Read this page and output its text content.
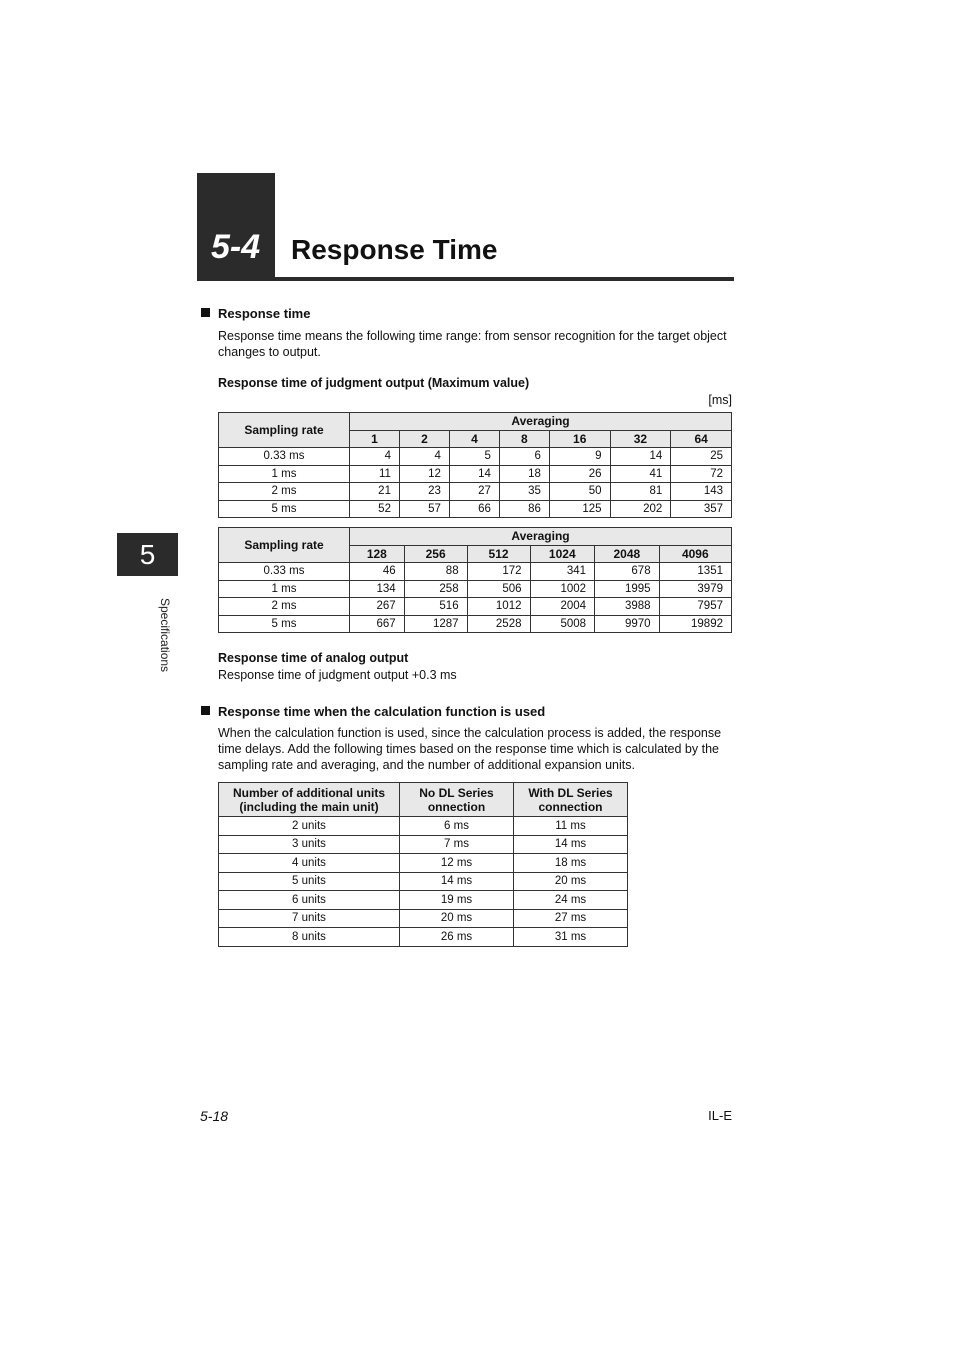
5-4 Response Time
5
Specifications
Response time
Response time means the following time range: from sensor recognition for the target object changes to output.
Response time of judgment output (Maximum value)
[ms]
Sampling rate	Averaging						
	1	2	4	8	16	32	64
0.33 ms	4	4	5	6	9	14	25
1 ms	11	12	14	18	26	41	72
2 ms	21	23	27	35	50	81	143
5 ms	52	57	66	86	125	202	357
Sampling rate	Averaging					
	128	256	512	1024	2048	4096
0.33 ms	46	88	172	341	678	1351
1 ms	134	258	506	1002	1995	3979
2 ms	267	516	1012	2004	3988	7957
5 ms	667	1287	2528	5008	9970	19892
Response time of analog output
Response time of judgment output +0.3 ms
Response time when the calculation function is used
When the calculation function is used, since the calculation process is added, the response time delays. Add the following times based on the response time which is calculated by the sampling rate and averaging, and the number of additional expansion units.
Number of additional units (including the main unit)	No DL Series onnection	With DL Series connection
2 units	6 ms	11 ms
3 units	7 ms	14 ms
4 units	12 ms	18 ms
5 units	14 ms	20 ms
6 units	19 ms	24 ms
7 units	20 ms	27 ms
8 units	26 ms	31 ms
5-18	IL-E
